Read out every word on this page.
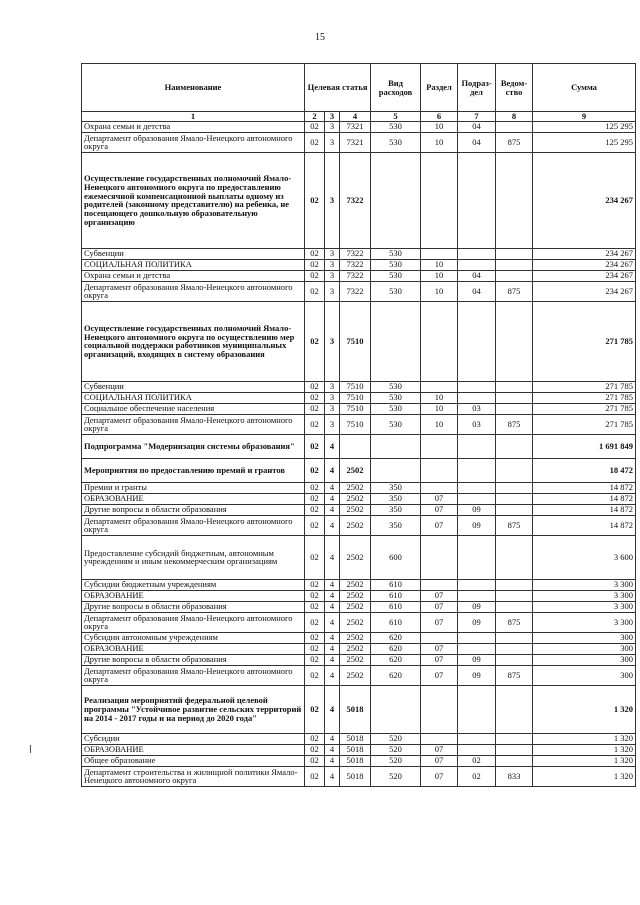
15
Наименование	Целевая статья			Вид расходов	Раздел	Подраз-дел	Ведом-ство	Сумма
1	2	3	4	5	6	7	8	9
Охрана семьи и детства	02	3	7321	530	10	04		125 295
Департамент образования Ямало-Ненецкого автономного округа	02	3	7321	530	10	04	875	125 295
Осуществление государственных полномочий Ямало-Ненецкого автономного округа по предоставлению ежемесячной компенсационной выплаты одному из родителей (законному представителю) на ребенка, не посещающего дошкольную образовательную организацию	02	3	7322					234 267
Субвенции	02	3	7322	530				234 267
СОЦИАЛЬНАЯ ПОЛИТИКА	02	3	7322	530	10			234 267
Охрана семьи и детства	02	3	7322	530	10	04		234 267
Департамент образования Ямало-Ненецкого автономного округа	02	3	7322	530	10	04	875	234 267
Осуществление государственных полномочий Ямало-Ненецкого автономного округа по осуществлению мер социальной поддержки работников муниципальных организаций, входящих в систему образования	02	3	7510					271 785
Субвенции	02	3	7510	530				271 785
СОЦИАЛЬНАЯ ПОЛИТИКА	02	3	7510	530	10			271 785
Социальное обеспечение населения	02	3	7510	530	10	03		271 785
Департамент образования Ямало-Ненецкого автономного округа	02	3	7510	530	10	03	875	271 785
Подпрограмма "Модернизация системы образования"	02	4						1 691 849
Мероприятия по предоставлению премий и грантов	02	4	2502					18 472
Премии и гранты	02	4	2502	350				14 872
ОБРАЗОВАНИЕ	02	4	2502	350	07			14 872
Другие вопросы в области образования	02	4	2502	350	07	09		14 872
Департамент образования Ямало-Ненецкого автономного округа	02	4	2502	350	07	09	875	14 872
Предоставление субсидий бюджетным, автономным учреждениям и иным некоммерческим организациям	02	4	2502	600				3 600
Субсидии бюджетным учреждениям	02	4	2502	610				3 300
ОБРАЗОВАНИЕ	02	4	2502	610	07			3 300
Другие вопросы в области образования	02	4	2502	610	07	09		3 300
Департамент образования Ямало-Ненецкого автономного округа	02	4	2502	610	07	09	875	3 300
Субсидии автономным учреждениям	02	4	2502	620				300
ОБРАЗОВАНИЕ	02	4	2502	620	07			300
Другие вопросы в области образования	02	4	2502	620	07	09		300
Департамент образования Ямало-Ненецкого автономного округа	02	4	2502	620	07	09	875	300
Реализация мероприятий федеральной целевой программы "Устойчивое развитие сельских территорий на 2014 - 2017 годы и на период до 2020 года"	02	4	5018					1 320
Субсидии	02	4	5018	520				1 320
ОБРАЗОВАНИЕ	02	4	5018	520	07			1 320
Общее образование	02	4	5018	520	07	02		1 320
Департамент строительства и жилищной политики Ямало-Ненецкого автономного округа	02	4	5018	520	07	02	833	1 320
